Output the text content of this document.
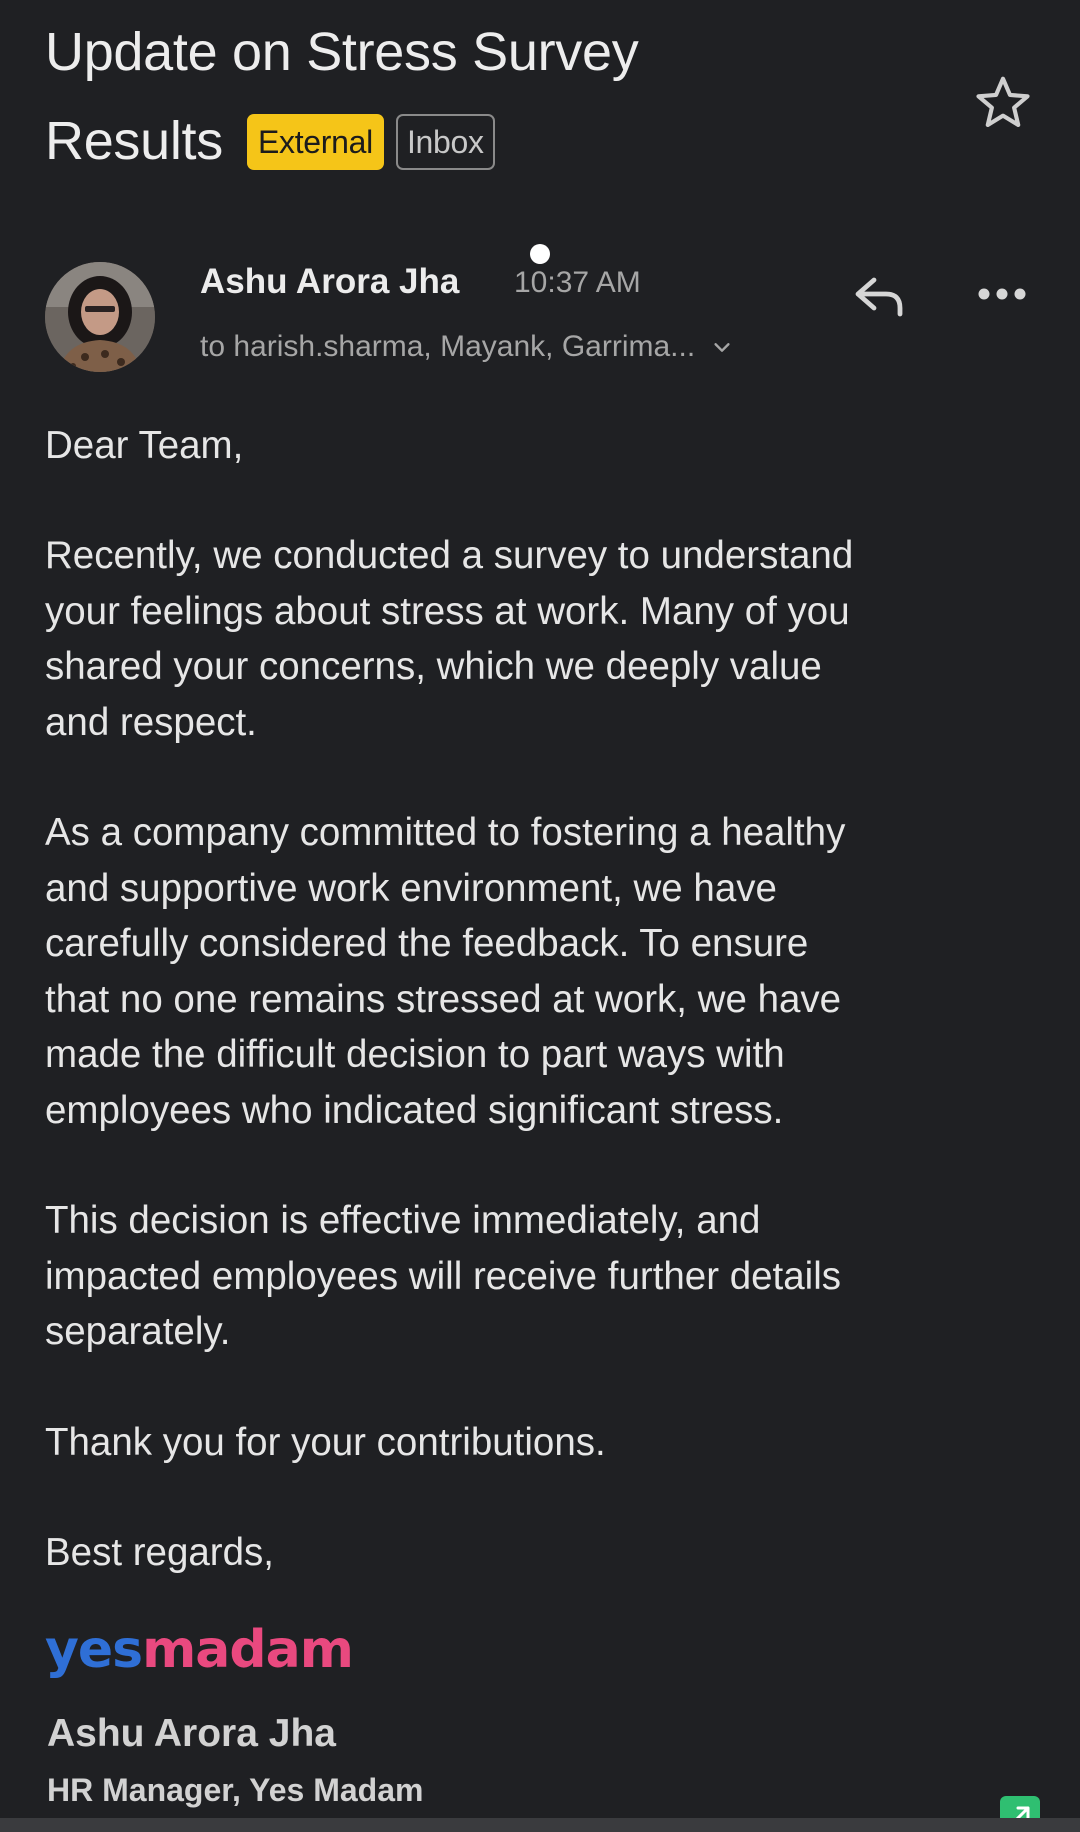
Update on Stress Survey
Results	External	Inbox
Ashu Arora Jha 10:37 AM
to harish.sharma, Mayank, Garrima...

Dear Team,

Recently, we conducted a survey to understand
your feelings about stress at work. Many of you
shared your concerns, which we deeply value
and respect.

As a company committed to fostering a healthy
and supportive work environment, we have
carefully considered the feedback. To ensure
that no one remains stressed at work, we have
made the difficult decision to part ways with
employees who indicated significant stress.

This decision is effective immediately, and
impacted employees will receive further details
separately.

Thank you for your contributions.

Best regards,

yesmadam
Ashu Arora Jha
HR Manager, Yes Madam
